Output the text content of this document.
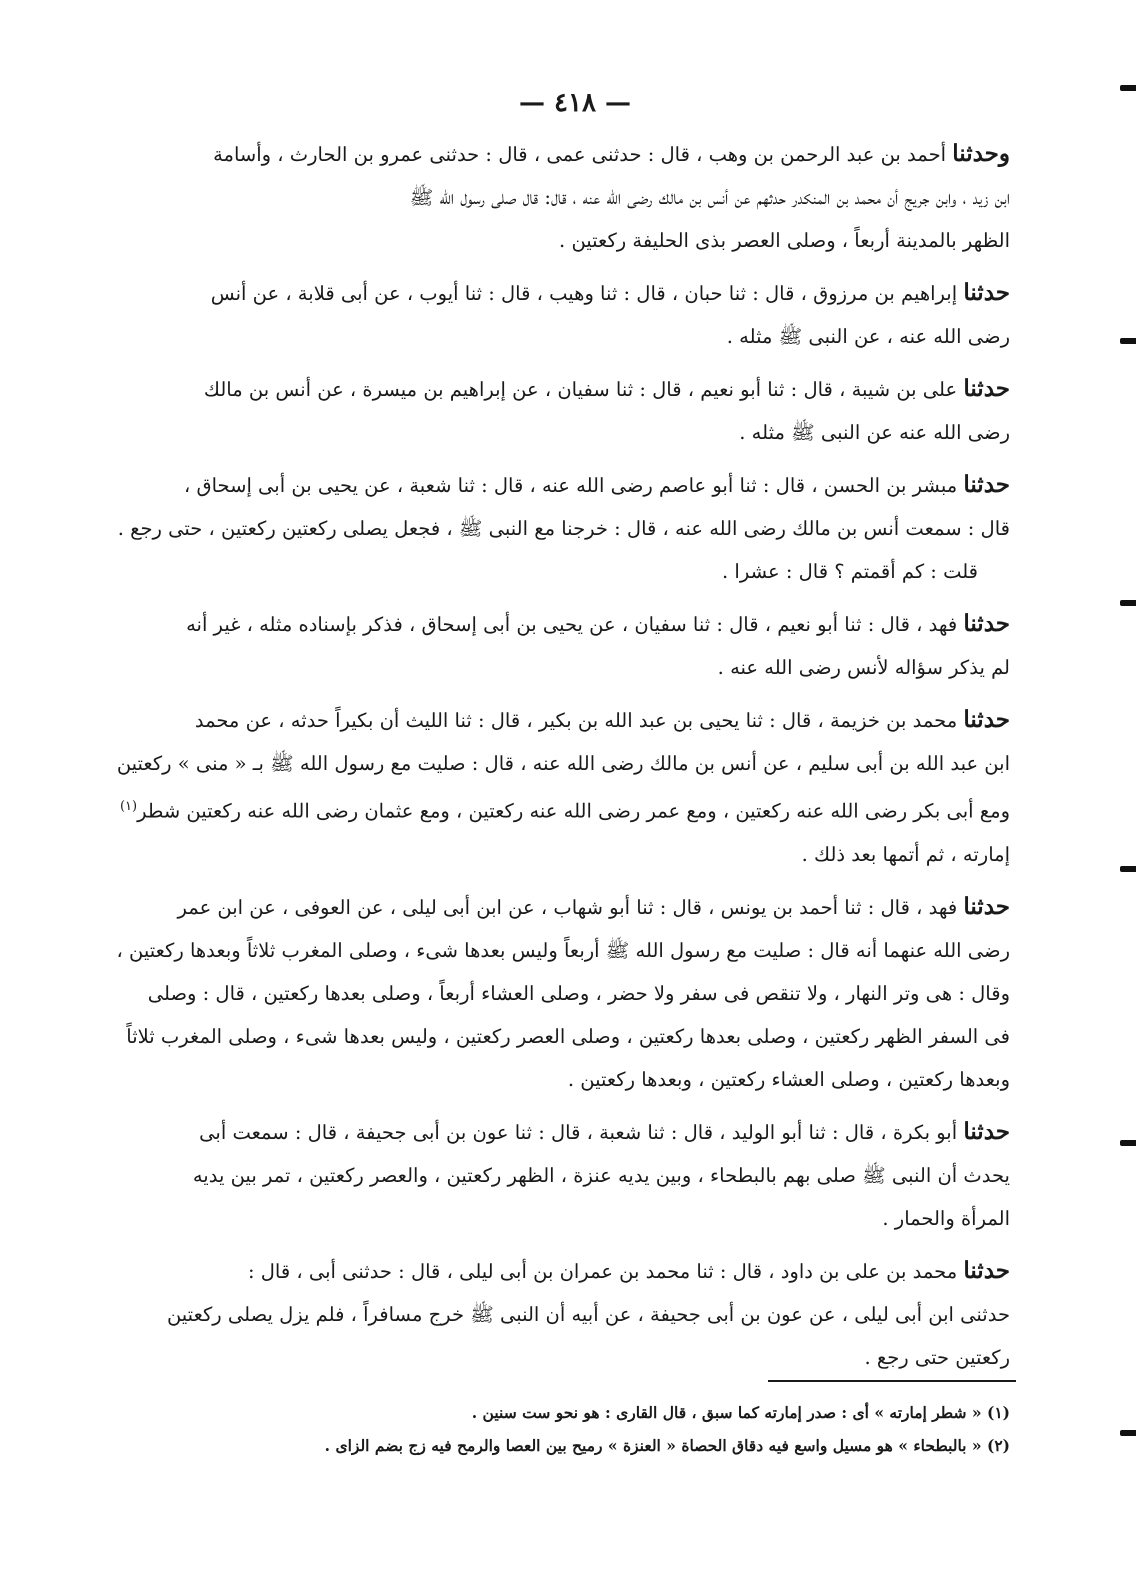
— ٤١٨ —
وحدثنا أحمد بن عبد الرحمن بن وهب ، قال : حدثنى عمى ، قال : حدثنى عمرو بن الحارث ، وأسامة
ابن زيد ، وابن جريج أن محمد بن المنكدر حدثهم عن أنس بن مالك رضى الله عنه ، قال: قال صلى رسول الله ﷺ
الظهر بالمدينة أربعاً ، وصلى العصر بذى الحليفة ركعتين .
حدثنا إبراهيم بن مرزوق ، قال : ثنا حبان ، قال : ثنا وهيب ، قال : ثنا أيوب ، عن أبى قلابة ، عن أنس
رضى الله عنه ، عن النبى ﷺ مثله .
حدثنا على بن شيبة ، قال : ثنا أبو نعيم ، قال : ثنا سفيان ، عن إبراهيم بن ميسرة ، عن أنس بن مالك
رضى الله عنه عن النبى ﷺ مثله .
حدثنا مبشر بن الحسن ، قال : ثنا أبو عاصم رضى الله عنه ، قال : ثنا شعبة ، عن يحيى بن أبى إسحاق ،
قال : سمعت أنس بن مالك رضى الله عنه ، قال : خرجنا مع النبى ﷺ ، فجعل يصلى ركعتين ركعتين ، حتى رجع .
قلت : كم أقمتم ؟ قال : عشرا .
حدثنا فهد ، قال : ثنا أبو نعيم ، قال : ثنا سفيان ، عن يحيى بن أبى إسحاق ، فذكر بإسناده مثله ، غير أنه
لم يذكر سؤاله لأنس رضى الله عنه .
حدثنا محمد بن خزيمة ، قال : ثنا يحيى بن عبد الله بن بكير ، قال : ثنا الليث أن بكيراً حدثه ، عن محمد
ابن عبد الله بن أبى سليم ، عن أنس بن مالك رضى الله عنه ، قال : صليت مع رسول الله ﷺ بـ « منى » ركعتين
ومع أبى بكر رضى الله عنه ركعتين ، ومع عمر رضى الله عنه ركعتين ، ومع عثمان رضى الله عنه ركعتين شطر$^{(١)}$
إمارته ، ثم أتمها بعد ذلك .
حدثنا فهد ، قال : ثنا أحمد بن يونس ، قال : ثنا أبو شهاب ، عن ابن أبى ليلى ، عن العوفى ، عن ابن عمر
رضى الله عنهما أنه قال : صليت مع رسول الله ﷺ أربعاً وليس بعدها شىء ، وصلى المغرب ثلاثاً وبعدها ركعتين ،
وقال : هى وتر النهار ، ولا تنقص فى سفر ولا حضر ، وصلى العشاء أربعاً ، وصلى بعدها ركعتين ، قال : وصلى
فى السفر الظهر ركعتين ، وصلى بعدها ركعتين ، وصلى العصر ركعتين ، وليس بعدها شىء ، وصلى المغرب ثلاثاً
وبعدها ركعتين ، وصلى العشاء ركعتين ، وبعدها ركعتين .
حدثنا أبو بكرة ، قال : ثنا أبو الوليد ، قال : ثنا شعبة ، قال : ثنا عون بن أبى جحيفة ، قال : سمعت أبى
يحدث أن النبى ﷺ صلى بهم بالبطحاء ، وبين يديه عنزة ، الظهر ركعتين ، والعصر ركعتين ، تمر بين يديه
المرأة والحمار .
حدثنا محمد بن على بن داود ، قال : ثنا محمد بن عمران بن أبى ليلى ، قال : حدثنى أبى ، قال :
حدثنى ابن أبى ليلى ، عن عون بن أبى جحيفة ، عن أبيه أن النبى ﷺ خرج مسافراً ، فلم يزل يصلى ركعتين
ركعتين حتى رجع .
(١) « شطر إمارته » أى : صدر إمارته كما سبق ، قال القارى : هو نحو ست سنين .
(٢) « بالبطحاء » هو مسيل واسع فيه دقاق الحصاة « العنزة » رميح بين العصا والرمح فيه زج بضم الزاى .
